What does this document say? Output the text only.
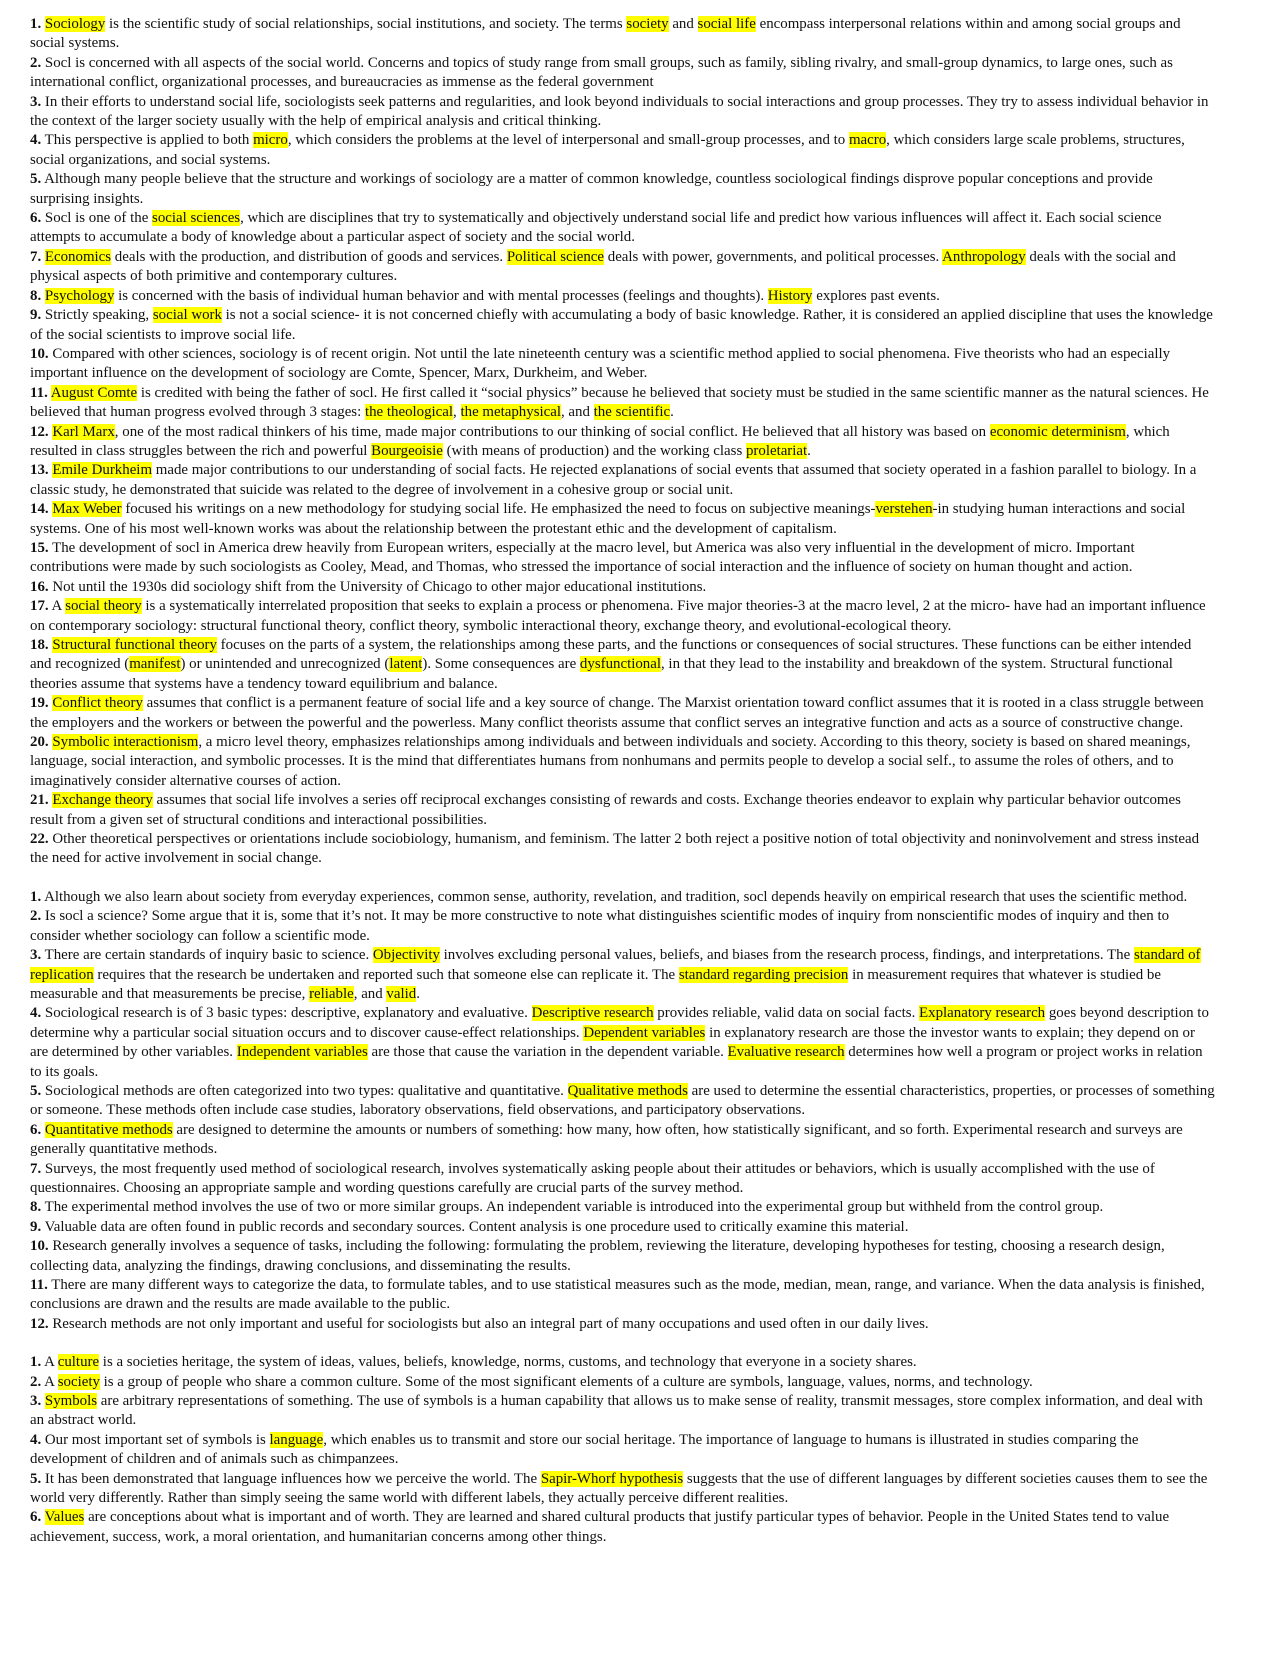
1. Sociology is the scientific study of social relationships, social institutions, and society. The terms society and social life encompass interpersonal relations within and among social groups and social systems.
2. Socl is concerned with all aspects of the social world. Concerns and topics of study range from small groups, such as family, sibling rivalry, and small-group dynamics, to large ones, such as international conflict, organizational processes, and bureaucracies as immense as the federal government
3. In their efforts to understand social life, sociologists seek patterns and regularities, and look beyond individuals to social interactions and group processes. They try to assess individual behavior in the context of the larger society usually with the help of empirical analysis and critical thinking.
4. This perspective is applied to both micro, which considers the problems at the level of interpersonal and small-group processes, and to macro, which considers large scale problems, structures, social organizations, and social systems.
5. Although many people believe that the structure and workings of sociology are a matter of common knowledge, countless sociological findings disprove popular conceptions and provide surprising insights.
6. Socl is one of the social sciences, which are disciplines that try to systematically and objectively understand social life and predict how various influences will affect it. Each social science attempts to accumulate a body of knowledge about a particular aspect of society and the social world.
7. Economics deals with the production, and distribution of goods and services. Political science deals with power, governments, and political processes. Anthropology deals with the social and physical aspects of both primitive and contemporary cultures.
8. Psychology is concerned with the basis of individual human behavior and with mental processes (feelings and thoughts). History explores past events.
9. Strictly speaking, social work is not a social science- it is not concerned chiefly with accumulating a body of basic knowledge. Rather, it is considered an applied discipline that uses the knowledge of the social scientists to improve social life.
10. Compared with other sciences, sociology is of recent origin. Not until the late nineteenth century was a scientific method applied to social phenomena. Five theorists who had an especially important influence on the development of sociology are Comte, Spencer, Marx, Durkheim, and Weber.
11. August Comte is credited with being the father of socl. He first called it “social physics” because he believed that society must be studied in the same scientific manner as the natural sciences. He believed that human progress evolved through 3 stages: the theological, the metaphysical, and the scientific.
12. Karl Marx, one of the most radical thinkers of his time, made major contributions to our thinking of social conflict. He believed that all history was based on economic determinism, which resulted in class struggles between the rich and powerful Bourgeoisie (with means of production) and the working class proletariat.
13. Emile Durkheim made major contributions to our understanding of social facts. He rejected explanations of social events that assumed that society operated in a fashion parallel to biology. In a classic study, he demonstrated that suicide was related to the degree of involvement in a cohesive group or social unit.
14. Max Weber focused his writings on a new methodology for studying social life. He emphasized the need to focus on subjective meanings-verstehen-in studying human interactions and social systems. One of his most well-known works was about the relationship between the protestant ethic and the development of capitalism.
15. The development of socl in America drew heavily from European writers, especially at the macro level, but America was also very influential in the development of micro. Important contributions were made by such sociologists as Cooley, Mead, and Thomas, who stressed the importance of social interaction and the influence of society on human thought and action.
16. Not until the 1930s did sociology shift from the University of Chicago to other major educational institutions.
17. A social theory is a systematically interrelated proposition that seeks to explain a process or phenomena. Five major theories-3 at the macro level, 2 at the micro- have had an important influence on contemporary sociology: structural functional theory, conflict theory, symbolic interactional theory, exchange theory, and evolutional-ecological theory.
18. Structural functional theory focuses on the parts of a system, the relationships among these parts, and the functions or consequences of social structures. These functions can be either intended and recognized (manifest) or unintended and unrecognized (latent). Some consequences are dysfunctional, in that they lead to the instability and breakdown of the system. Structural functional theories assume that systems have a tendency toward equilibrium and balance.
19. Conflict theory assumes that conflict is a permanent feature of social life and a key source of change. The Marxist orientation toward conflict assumes that it is rooted in a class struggle between the employers and the workers or between the powerful and the powerless. Many conflict theorists assume that conflict serves an integrative function and acts as a source of constructive change.
20. Symbolic interactionism, a micro level theory, emphasizes relationships among individuals and between individuals and society. According to this theory, society is based on shared meanings, language, social interaction, and symbolic processes. It is the mind that differentiates humans from nonhumans and permits people to develop a social self., to assume the roles of others, and to imaginatively consider alternative courses of action.
21. Exchange theory assumes that social life involves a series off reciprocal exchanges consisting of rewards and costs. Exchange theories endeavor to explain why particular behavior outcomes result from a given set of structural conditions and interactional possibilities.
22. Other theoretical perspectives or orientations include sociobiology, humanism, and feminism. The latter 2 both reject a positive notion of total objectivity and noninvolvement and stress instead the need for active involvement in social change.
1. Although we also learn about society from everyday experiences, common sense, authority, revelation, and tradition, socl depends heavily on empirical research that uses the scientific method.
2. Is socl a science? Some argue that it is, some that it’s not. It may be more constructive to note what distinguishes scientific modes of inquiry from nonscientific modes of inquiry and then to consider whether sociology can follow a scientific mode.
3. There are certain standards of inquiry basic to science. Objectivity involves excluding personal values, beliefs, and biases from the research process, findings, and interpretations. The standard of replication requires that the research be undertaken and reported such that someone else can replicate it. The standard regarding precision in measurement requires that whatever is studied be measurable and that measurements be precise, reliable, and valid.
4. Sociological research is of 3 basic types: descriptive, explanatory and evaluative. Descriptive research provides reliable, valid data on social facts. Explanatory research goes beyond description to determine why a particular social situation occurs and to discover cause-effect relationships. Dependent variables in explanatory research are those the investor wants to explain; they depend on or are determined by other variables. Independent variables are those that cause the variation in the dependent variable. Evaluative research determines how well a program or project works in relation to its goals.
5. Sociological methods are often categorized into two types: qualitative and quantitative. Qualitative methods are used to determine the essential characteristics, properties, or processes of something or someone. These methods often include case studies, laboratory observations, field observations, and participatory observations.
6. Quantitative methods are designed to determine the amounts or numbers of something: how many, how often, how statistically significant, and so forth. Experimental research and surveys are generally quantitative methods.
7. Surveys, the most frequently used method of sociological research, involves systematically asking people about their attitudes or behaviors, which is usually accomplished with the use of questionnaires. Choosing an appropriate sample and wording questions carefully are crucial parts of the survey method.
8. The experimental method involves the use of two or more similar groups. An independent variable is introduced into the experimental group but withheld from the control group.
9. Valuable data are often found in public records and secondary sources. Content analysis is one procedure used to critically examine this material.
10. Research generally involves a sequence of tasks, including the following: formulating the problem, reviewing the literature, developing hypotheses for testing, choosing a research design, collecting data, analyzing the findings, drawing conclusions, and disseminating the results.
11. There are many different ways to categorize the data, to formulate tables, and to use statistical measures such as the mode, median, mean, range, and variance. When the data analysis is finished, conclusions are drawn and the results are made available to the public.
12. Research methods are not only important and useful for sociologists but also an integral part of many occupations and used often in our daily lives.
1. A culture is a societies heritage, the system of ideas, values, beliefs, knowledge, norms, customs, and technology that everyone in a society shares.
2. A society is a group of people who share a common culture. Some of the most significant elements of a culture are symbols, language, values, norms, and technology.
3. Symbols are arbitrary representations of something. The use of symbols is a human capability that allows us to make sense of reality, transmit messages, store complex information, and deal with an abstract world.
4. Our most important set of symbols is language, which enables us to transmit and store our social heritage. The importance of language to humans is illustrated in studies comparing the development of children and of animals such as chimpanzees.
5. It has been demonstrated that language influences how we perceive the world. The Sapir-Whorf hypothesis suggests that the use of different languages by different societies causes them to see the world very differently. Rather than simply seeing the same world with different labels, they actually perceive different realities.
6. Values are conceptions about what is important and of worth. They are learned and shared cultural products that justify particular types of behavior. People in the United States tend to value achievement, success, work, a moral orientation, and humanitarian concerns among other things.
